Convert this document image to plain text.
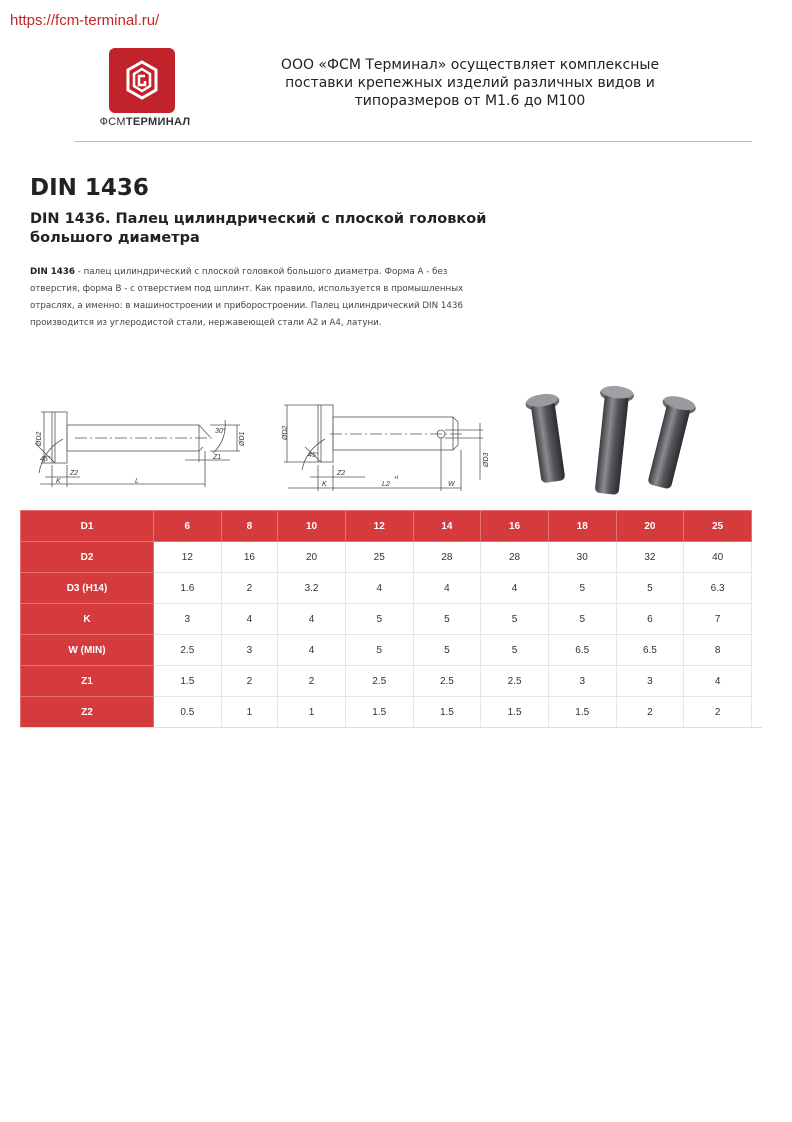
https://fcm-terminal.ru/
ФСМТЕРМИНАЛ
ООО «ФСМ Терминал» осуществляет комплексные
поставки крепежных изделий различных видов и
типоразмеров от М1.6 до М100
DIN 1436
DIN 1436. Палец цилиндрический с плоской головкой большого диаметра
DIN 1436 - палец цилиндрический с плоской головкой большого диаметра. Форма А - без отверстия, форма В - с отверстием под шплинт. Как правило, используется в промышленных отраслях, а именно: в машиностроении и приборостроении. Палец цилиндрический DIN 1436 производится из углеродистой стали, нержавеющей стали А2 и А4, латуни.
ØD2
45°
30°
ØD1
Z1
Z2
K	L
ØD2
45°	ØD3
Z2
K	L2
+t
W
D1	6	8	10	12	14	16	18	20	25
D2	12	16	20	25	28	28	30	32	40
D3 (H14)	1.6	2	3.2	4	4	4	5	5	6.3
K	3	4	4	5	5	5	5	6	7
W (MIN)	2.5	3	4	5	5	5	6.5	6.5	8
Z1	1.5	2	2	2.5	2.5	2.5	3	3	4
Z2	0.5	1	1	1.5	1.5	1.5	1.5	2	2
